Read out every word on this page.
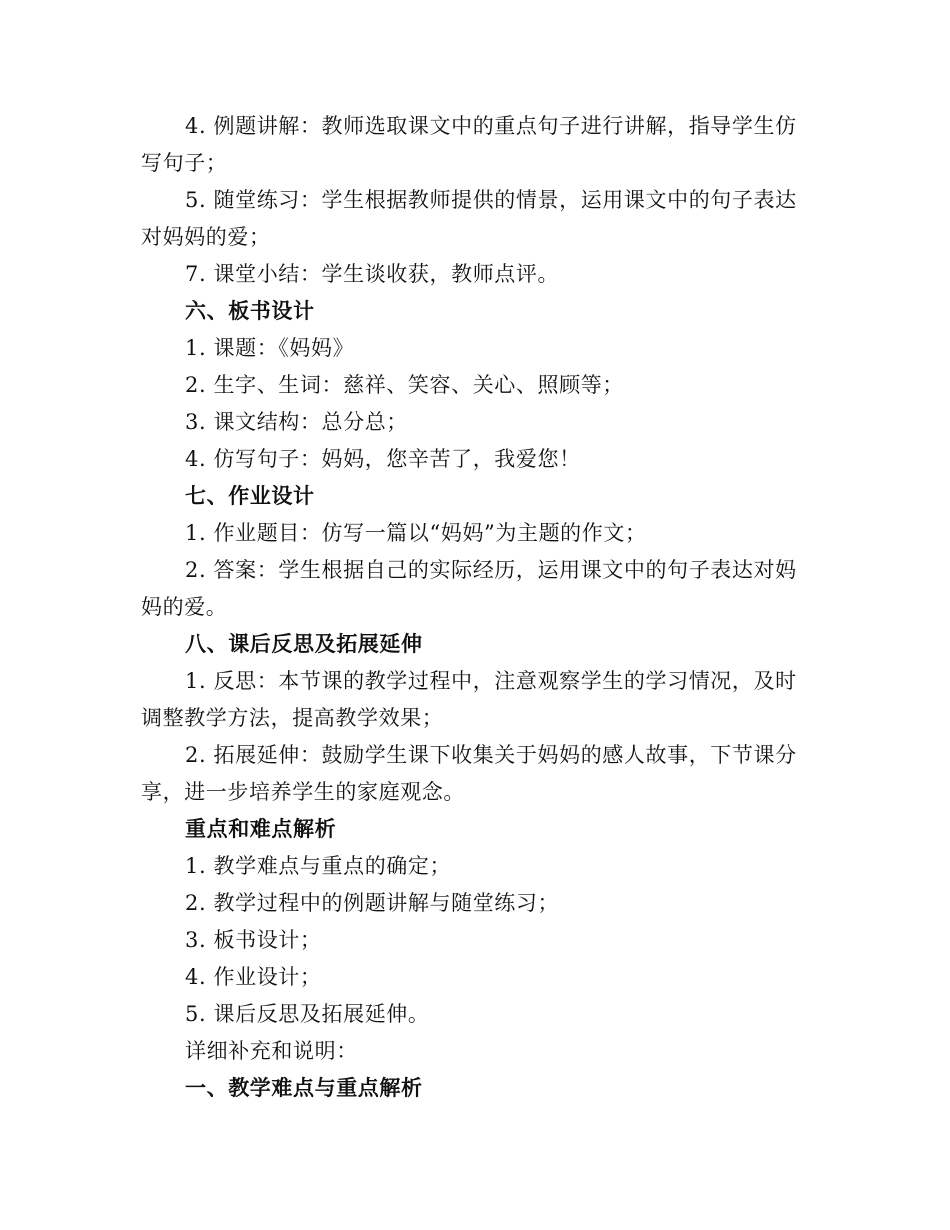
4. 例题讲解：教师选取课文中的重点句子进行讲解，指导学生仿写句子；

5. 随堂练习：学生根据教师提供的情景，运用课文中的句子表达对妈妈的爱；

7. 课堂小结：学生谈收获，教师点评。

六、板书设计

1. 课题：《妈妈》

2. 生字、生词：慈祥、笑容、关心、照顾等；

3. 课文结构：总分总；

4. 仿写句子：妈妈，您辛苦了，我爱您！

七、作业设计

1. 作业题目：仿写一篇以“妈妈”为主题的作文；

2. 答案：学生根据自己的实际经历，运用课文中的句子表达对妈妈的爱。

八、课后反思及拓展延伸

1. 反思：本节课的教学过程中，注意观察学生的学习情况，及时调整教学方法，提高教学效果；

2. 拓展延伸：鼓励学生课下收集关于妈妈的感人故事，下节课分享，进一步培养学生的家庭观念。

重点和难点解析

1. 教学难点与重点的确定；

2. 教学过程中的例题讲解与随堂练习；

3. 板书设计；

4. 作业设计；

5. 课后反思及拓展延伸。

详细补充和说明：

一、教学难点与重点解析
